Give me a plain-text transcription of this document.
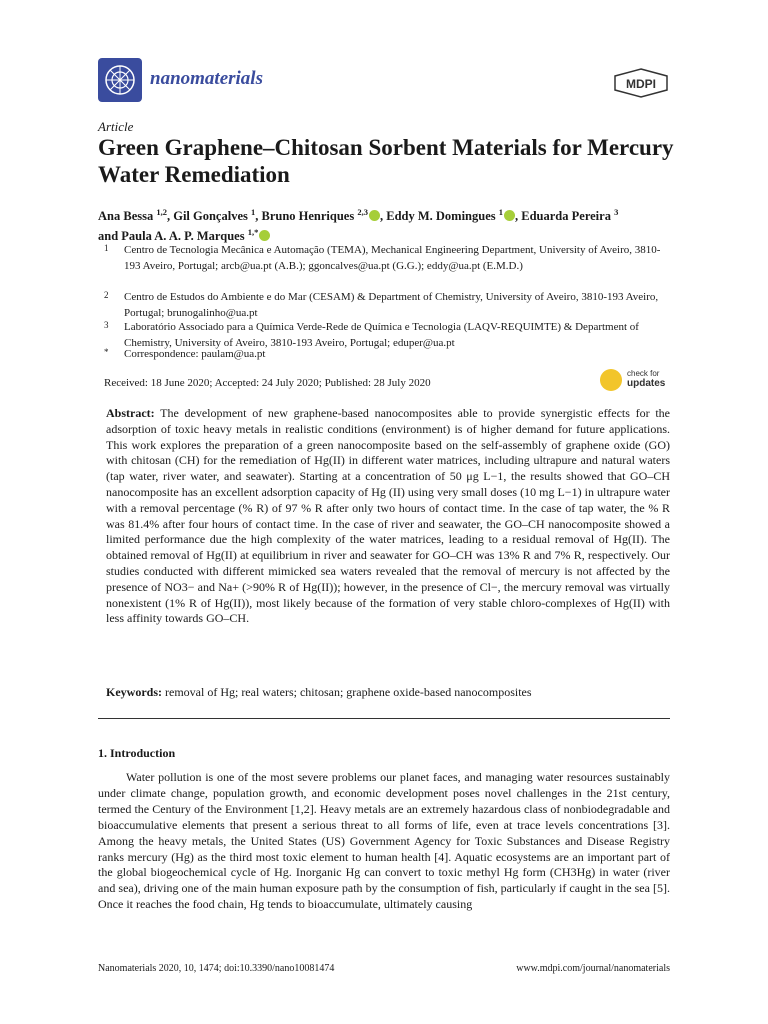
nanomaterials	MDPI
Article
Green Graphene–Chitosan Sorbent Materials for Mercury Water Remediation
Ana Bessa $^{1,2}$, Gil Gonçalves $^1$, Bruno Henriques $^{2,3}$ , Eddy M. Domingues $^1$ , Eduarda Pereira $^3$
and Paula A. A. P. Marques $^{1,*}$
1 Centro de Tecnologia Mecânica e Automação (TEMA), Mechanical Engineering Department, University of Aveiro, 3810-193 Aveiro, Portugal; arcb@ua.pt (A.B.); ggoncalves@ua.pt (G.G.); eddy@ua.pt (E.M.D.)
2 Centro de Estudos do Ambiente e do Mar (CESAM) & Department of Chemistry, University of Aveiro, 3810-193 Aveiro, Portugal; brunogalinho@ua.pt
3 Laboratório Associado para a Química Verde-Rede de Química e Tecnologia (LAQV-REQUIMTE) & Department of Chemistry, University of Aveiro, 3810-193 Aveiro, Portugal; eduper@ua.pt
* Correspondence: paulam@ua.pt
Received: 18 June 2020; Accepted: 24 July 2020; Published: 28 July 2020
check for
updates
Abstract: The development of new graphene-based nanocomposites able to provide synergistic effects for the adsorption of toxic heavy metals in realistic conditions (environment) is of higher demand for future applications. This work explores the preparation of a green nanocomposite based on the self-assembly of graphene oxide (GO) with chitosan (CH) for the remediation of Hg(II) in different water matrices, including ultrapure and natural waters (tap water, river water, and seawater). Starting at a concentration of 50 μg L−1, the results showed that GO–CH nanocomposite has an excellent adsorption capacity of Hg (II) using very small doses (10 mg L−1) in ultrapure water with a removal percentage (% R) of 97 % R after only two hours of contact time. In the case of tap water, the % R was 81.4% after four hours of contact time. In the case of river and seawater, the GO–CH nanocomposite showed a limited performance due the high complexity of the water matrices, leading to a residual removal of Hg(II). The obtained removal of Hg(II) at equilibrium in river and seawater for GO–CH was 13% R and 7% R, respectively. Our studies conducted with different mimicked sea waters revealed that the removal of mercury is not affected by the presence of NO3− and Na+ (>90% R of Hg(II)); however, in the presence of Cl−, the mercury removal was virtually nonexistent (1% R of Hg(II)), most likely because of the formation of very stable chloro-complexes of Hg(II) with less affinity towards GO–CH.
Keywords: removal of Hg; real waters; chitosan; graphene oxide-based nanocomposites
1. Introduction
Water pollution is one of the most severe problems our planet faces, and managing water resources sustainably under climate change, population growth, and economic development poses novel challenges in the 21st century, termed the Century of the Environment [1,2]. Heavy metals are an extremely hazardous class of nonbiodegradable and bioaccumulative elements that present a serious threat to all forms of life, even at trace levels concentrations [3]. Among the heavy metals, the United States (US) Government Agency for Toxic Substances and Disease Registry ranks mercury (Hg) as the third most toxic element to human health [4]. Aquatic ecosystems are an important part of the global biogeochemical cycle of Hg. Inorganic Hg can convert to toxic methyl Hg form (CH3Hg) in water (river and sea), driving one of the main human exposure path by the consumption of fish, particularly if caught in the sea [5]. Once it reaches the food chain, Hg tends to bioaccumulate, ultimately causing
Nanomaterials 2020, 10, 1474; doi:10.3390/nano10081474	www.mdpi.com/journal/nanomaterials
